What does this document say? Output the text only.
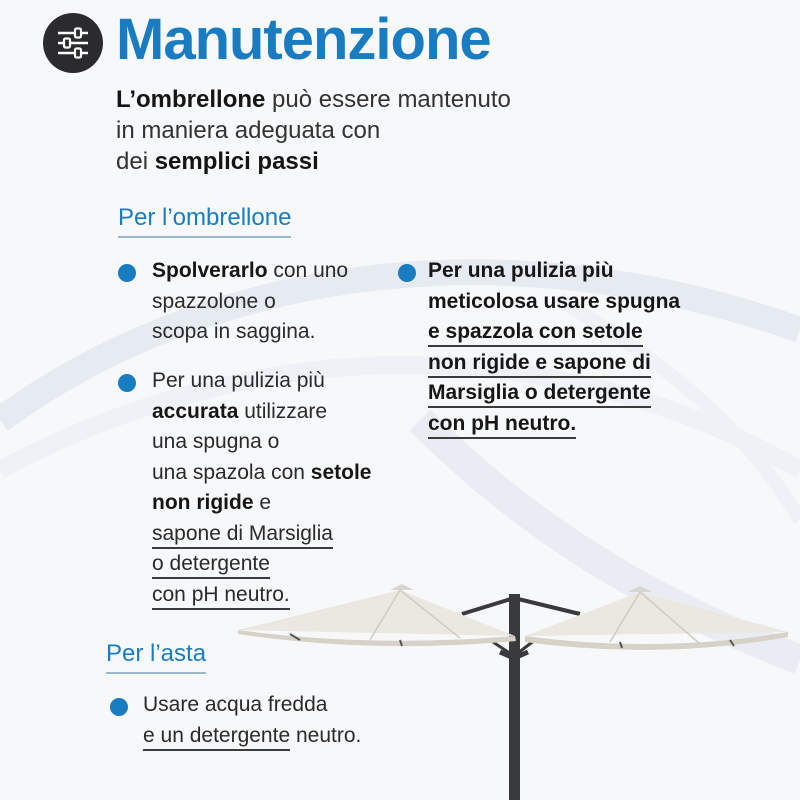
Manutenzione
L’ombrellone può essere mantenuto
in maniera adeguata con
dei semplici passi
Per l’ombrellone
Spolverarlo con uno
spazzolone o
scopa in saggina.
Per una pulizia più
accurata utilizzare
una spugna o
una spazola con setole
non rigide e
sapone di Marsiglia
o detergente
con pH neutro.
Per una pulizia più
meticolosa usare spugna
e spazzola con setole
non rigide e sapone di
Marsiglia o detergente
con pH neutro.
Per l’asta
Usare acqua fredda
e un detergente neutro.
